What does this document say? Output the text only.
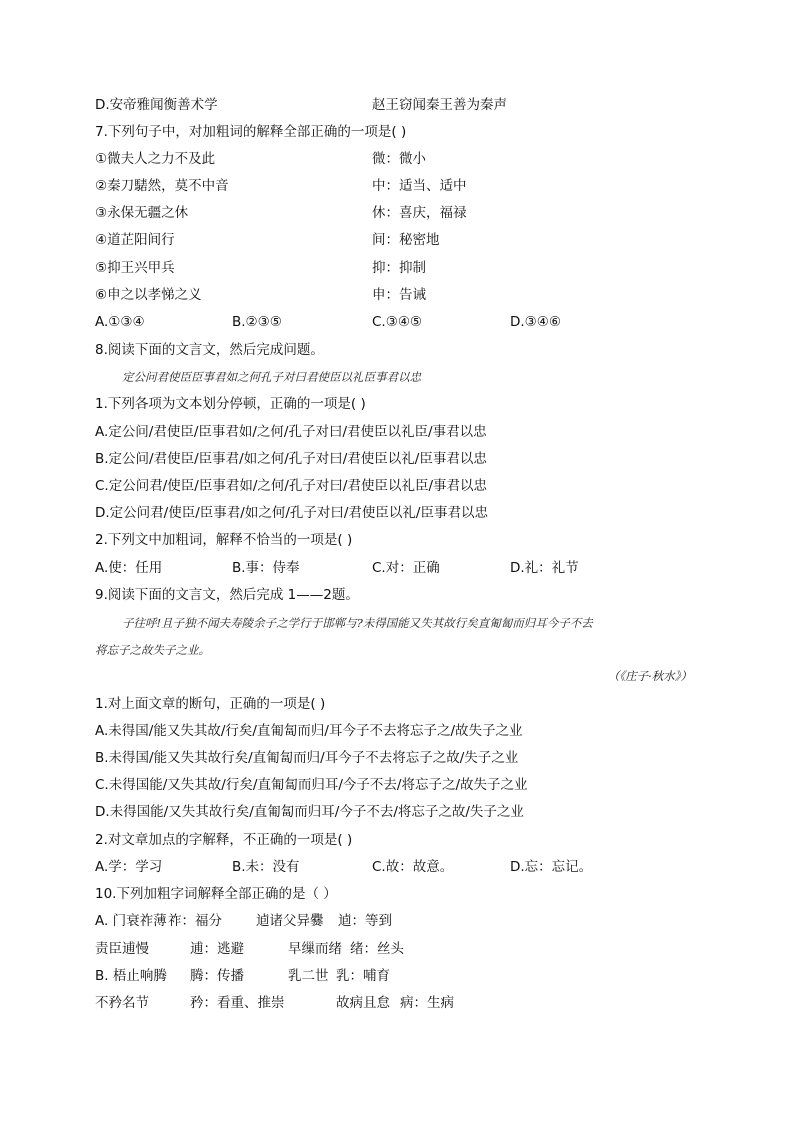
D.安帝雅闻衡善术学	赵王窃闻秦王善为秦声
7.下列句子中，对加粗词的解释全部正确的一项是( )
①微夫人之力不及此	微：微小
②秦刀騞然，莫不中音	中：适当、适中
③永保无疆之休	休：喜庆，福禄
④道芷阳间行	间：秘密地
⑤抑王兴甲兵	抑：抑制
⑥申之以孝悌之义	申：告诫
A.①③④	B.②③⑤	C.③④⑤	D.③④⑥
8.阅读下面的文言文，然后完成问题。
定公问君使臣臣事君如之何孔子对曰君使臣以礼臣事君以忠
1.下列各项为文本划分停顿，正确的一项是( )
A.定公问/君使臣/臣事君如/之何/孔子对曰/君使臣以礼臣/事君以忠
B.定公问/君使臣/臣事君/如之何/孔子对曰/君使臣以礼/臣事君以忠
C.定公问君/使臣/臣事君如/之何/孔子对曰/君使臣以礼臣/事君以忠
D.定公问君/使臣/臣事君/如之何/孔子对曰/君使臣以礼/臣事君以忠
2.下列文中加粗词，解释不恰当的一项是( )
A.使：任用	B.事：侍奉	C.对：正确	D.礼：礼节
9.阅读下面的文言文，然后完成 1——2题。
子往呼!且子独不闻夫寿陵余子之学行于邯郸与?未得国能又失其故行矣直匍匐而归耳今子不去
将忘子之故失子之业。
（《庄子·秋水》）
1.对上面文章的断句，正确的一项是( )
A.未得国/能又失其故/行矣/直匍匐而归/耳今子不去将忘子之/故失子之业
B.未得国/能又失其故行矣/直匍匐而归/耳今子不去将忘子之故/失子之业
C.未得国能/又失其故/行矣/直匍匐而归耳/今子不去/将忘子之/故失子之业
D.未得国能/又失其故行矣/直匍匐而归耳/今子不去/将忘子之故/失子之业
2.对文章加点的字解释，不正确的一项是( )
A.学：学习	B.未：没有	C.故：故意。	D.忘：忘记。
10.下列加粗字词解释全部正确的是（ ）
A. 门衰祚薄 祚：福分	逌诸父异爨 逌：等到
责臣逋慢	逋：逃避	早缫而绪 绪：丝头
B. 梧止响腾 腾：传播	乳二世 乳：哺育
不矜名节	矜：看重、推崇	故病且怠 病：生病
